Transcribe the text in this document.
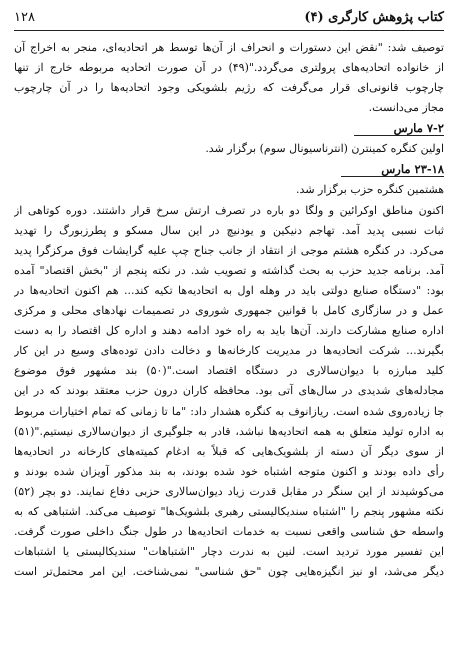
۱۲۸	کتاب پژوهش کارگری (۴)
توصیف شد: "نقض این دستورات و انحراف از آن‌ها توسط هر اتحادیه‌ای، منجر به اخراج آن
از خانواده اتحادیه‌های پرولتری می‌گردد."(۴۹) در آن صورت اتحادیه مربوطه خارج از تنها
چارچوب قانونی‌ای قرار می‌گرفت که رژیم بلشویکی وجود اتحادیه‌ها را در آن چارچوب
مجاز می‌دانست.
۷-۲ مارس
اولین کنگره کمینترن (انترناسیونال سوم) برگزار شد.
۲۳-۱۸ مارس
هشتمین کنگره حزب برگزار شد.
اکنون مناطق اوکرائین و ولگا دو باره در تصرف ارتش سرخ قرار داشتند. دوره کوتاهی از
ثبات نسبی پدید آمد. تهاجم دنیکین و یودنیچ در این سال مسکو و پطرزبورگ را تهدید
می‌کرد. در کنگره هشتم موجی از انتقاد از جانب جناح چپ علیه گرایشات فوق مرکزگرا پدید
آمد. برنامه جدید حزب به بحث گذاشته و تصویب شد. در نکته پنجم از "بخش اقتصاد" آمده
بود: "دستگاه صنایع دولتی باید در وهله اول به اتحادیه‌ها تکیه کند... هم اکنون اتحادیه‌ها در
عمل و در سازگاری کامل با قوانین جمهوری شوروی در تصمیمات نهادهای محلی و مرکزی
اداره صنایع مشارکت دارند. آن‌ها باید به راه خود ادامه دهند و اداره کل اقتصاد را به دست
بگیرند... شرکت اتحادیه‌ها در مدیریت کارخانه‌ها و دخالت دادن توده‌های وسیع در این کار
کلید مبارزه با دیوان‌سالاری در دستگاه اقتصاد است."(۵۰) بند مشهور فوق موضوع
مجادله‌های شدیدی در سال‌های آتی بود. محافظه کاران درون حزب معتقد بودند که در این
جا زیاده‌روی شده است. ریازانوف به کنگره هشدار داد: "ما تا زمانی که تمام اختیارات مربوط
به اداره تولید متعلق به همه اتحادیه‌ها نباشد، قادر به جلوگیری از دیوان‌سالاری نیستیم."(۵۱)
از سوی دیگر آن دسته از بلشویک‌هایی که قبلاً به ادغام کمیته‌های کارخانه در اتحادیه‌ها
رأی داده بودند و اکنون متوجه اشتباه خود شده بودند، به بند مذکور آویزان شده بودند و
می‌کوشیدند از این سنگر در مقابل قدرت زیاد دیوان‌سالاری حزبی دفاع نمایند. دو بچر (۵۲)
نکته مشهور پنجم را "اشتباه سندیکالیستی رهبری بلشویک‌ها" توصیف می‌کند. اشتباهی که به
واسطه حق شناسی واقعی نسبت به خدمات اتحادیه‌ها در طول جنگ داخلی صورت گرفت.
این تفسیر مورد تردید است. لنین به ندرت دچار "اشتباهات" سندیکالیستی یا اشتباهات
دیگر می‌شد، او نیز انگیزه‌هایی چون "حق شناسی" نمی‌شناخت. این امر محتمل‌تر است
